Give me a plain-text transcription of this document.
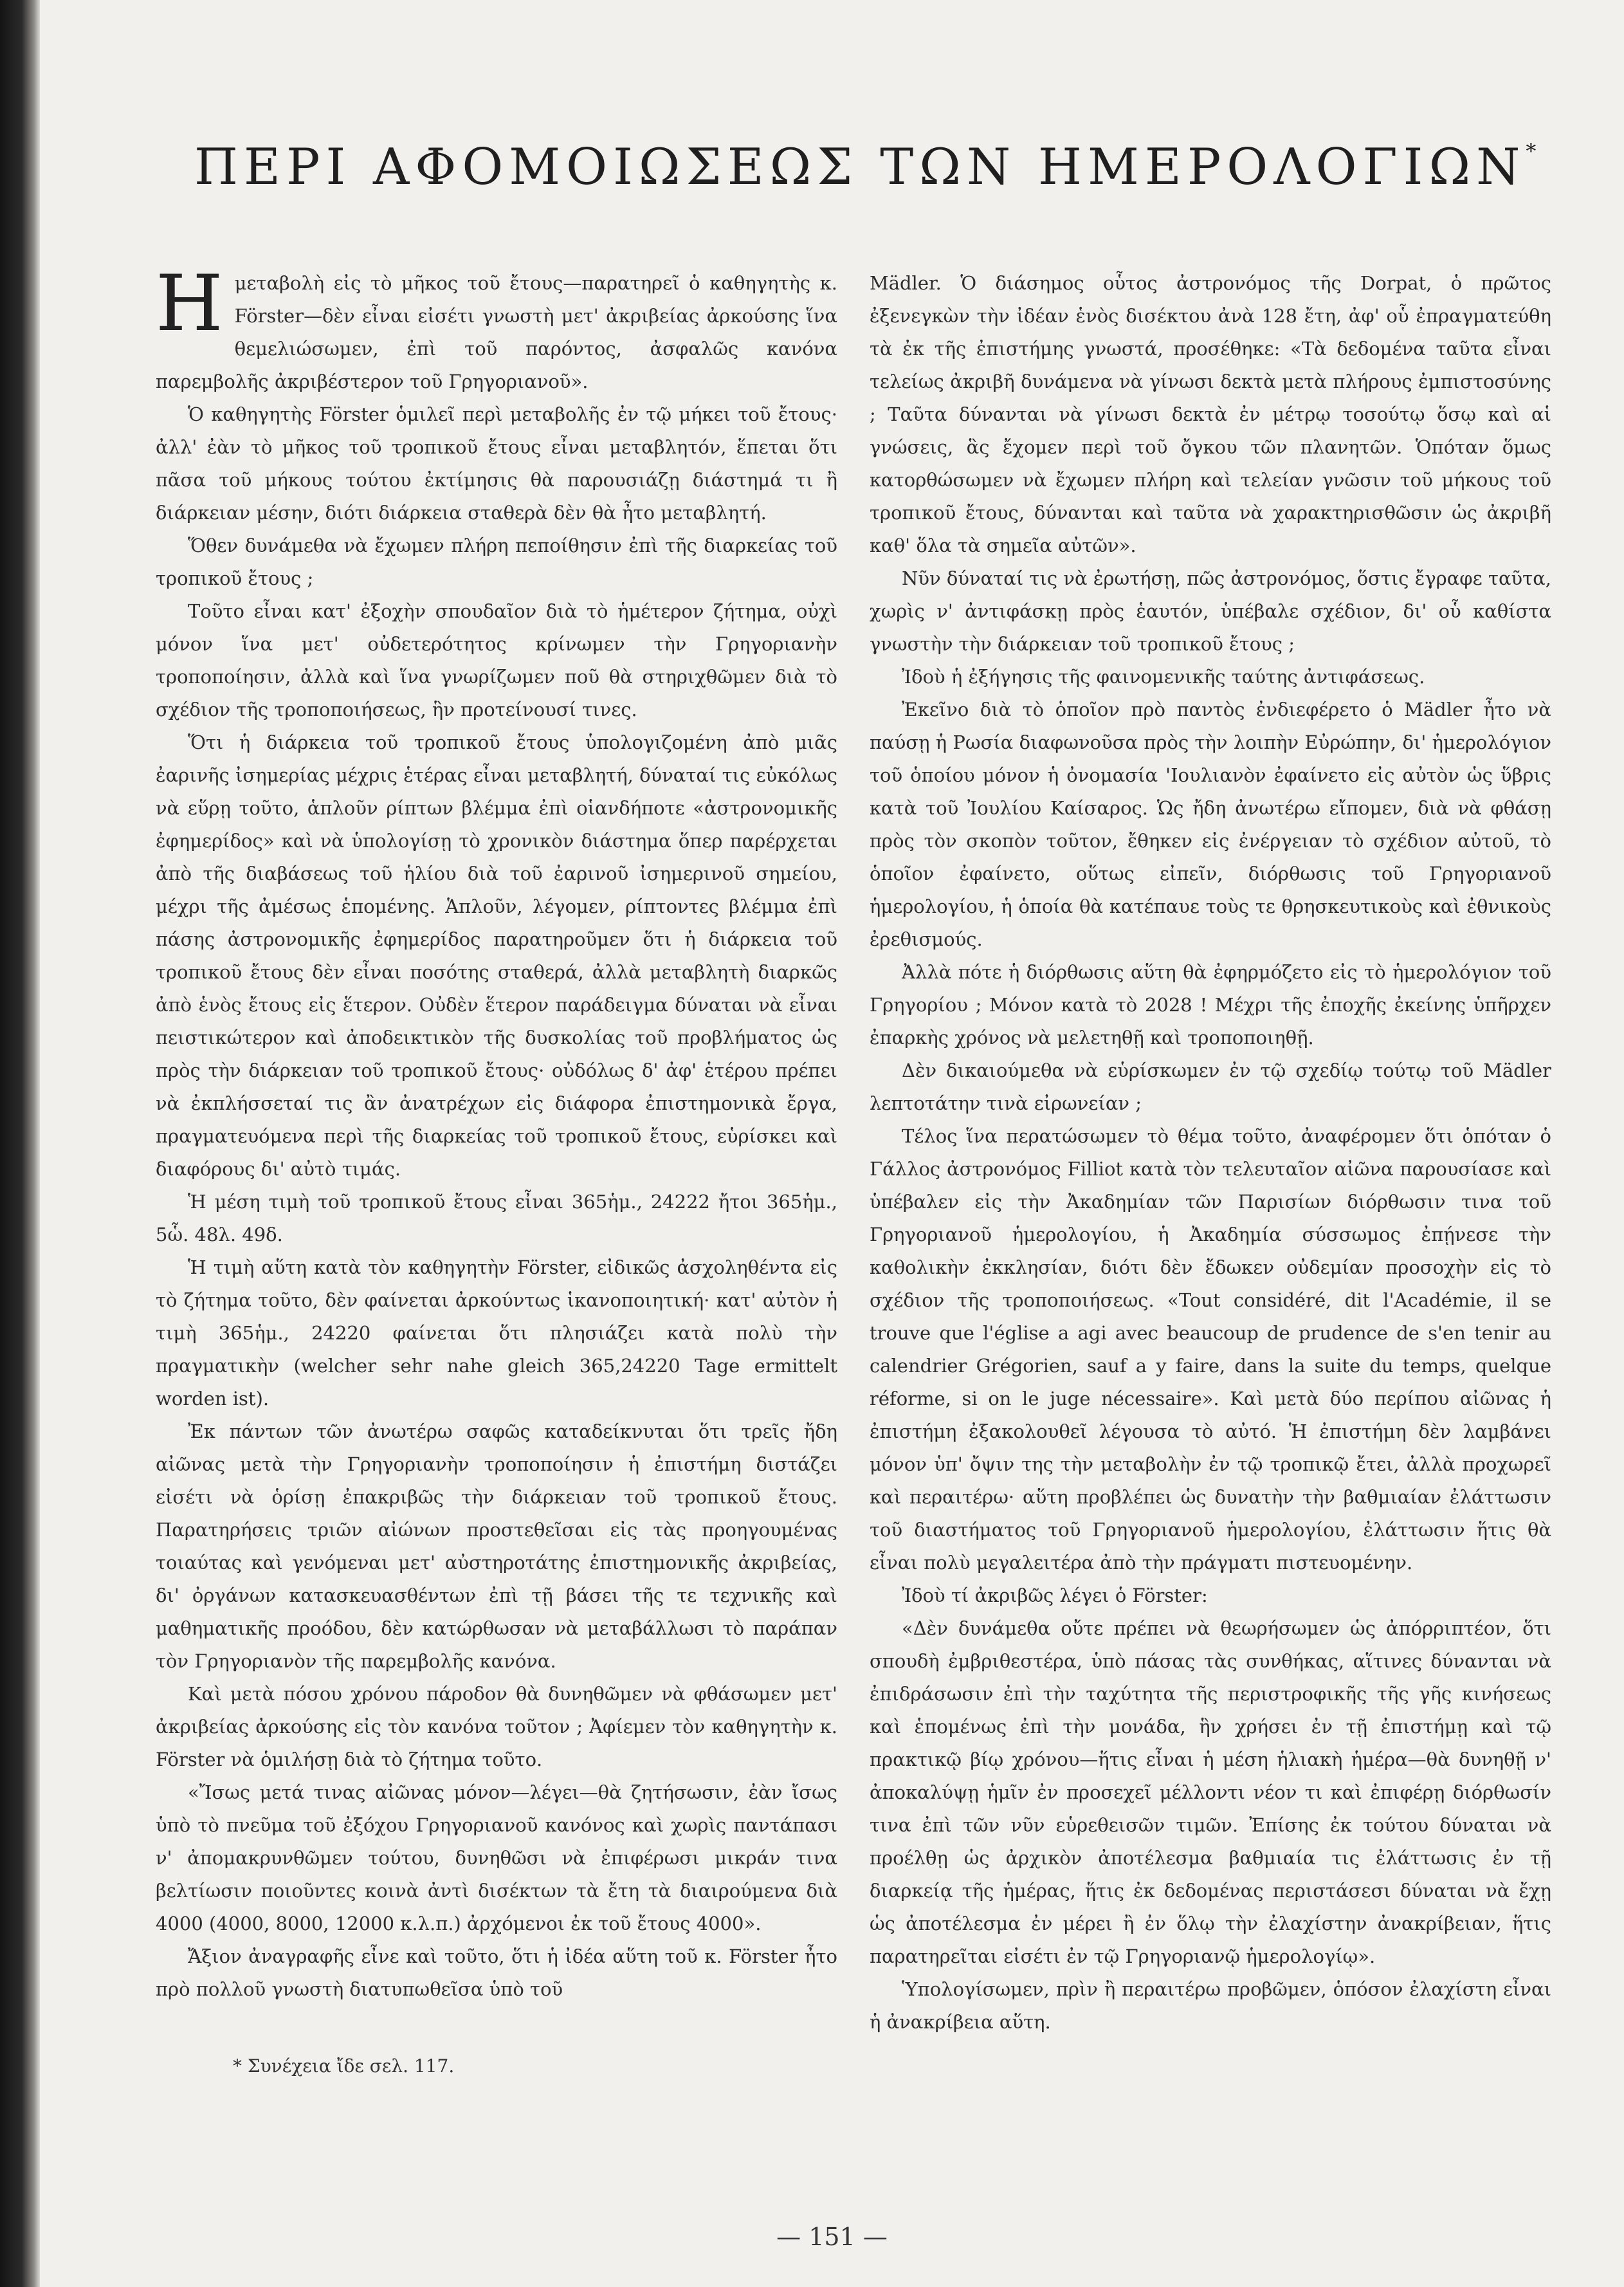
ΠΕΡΙ ΑΦΟΜΟΙΩΣΕΩΣ ΤΩΝ ΗΜΕΡΟΛΟΓΙΩΝ*

Ημεταβολὴ εἰς τὸ μῆκος τοῦ ἔτους—παρατηρεῖ ὁ καθηγητὴς κ. Förster—δὲν εἶναι εἰσέτι γνωστὴ μετ' ἀκριβείας ἀρκούσης ἵνα θεμελιώσωμεν, ἐπὶ τοῦ παρόντος, ἀσφαλῶς κανόνα παρεμβολῆς ἀκριβέστερον τοῦ Γρηγοριανοῦ».

Ὁ καθηγητὴς Förster ὁμιλεῖ περὶ μεταβολῆς ἐν τῷ μήκει τοῦ ἔτους· ἀλλ' ἐὰν τὸ μῆκος τοῦ τροπικοῦ ἔτους εἶναι μεταβλητόν, ἕπεται ὅτι πᾶσα τοῦ μήκους τούτου ἐκτίμησις θὰ παρουσιάζῃ διάστημά τι ἢ διάρκειαν μέσην, διότι διάρκεια σταθερὰ δὲν θὰ ἦτο μεταβλητή.

Ὅθεν δυνάμεθα νὰ ἔχωμεν πλήρη πεποίθησιν ἐπὶ τῆς διαρκείας τοῦ τροπικοῦ ἔτους ;

Τοῦτο εἶναι κατ' ἐξοχὴν σπουδαῖον διὰ τὸ ἡμέτερον ζήτημα, οὐχὶ μόνον ἵνα μετ' οὐδετερότητος κρίνωμεν τὴν Γρηγοριανὴν τροποποίησιν, ἀλλὰ καὶ ἵνα γνωρίζωμεν ποῦ θὰ στηριχθῶμεν διὰ τὸ σχέδιον τῆς τροποποιήσεως, ἣν προτείνουσί τινες.

Ὅτι ἡ διάρκεια τοῦ τροπικοῦ ἔτους ὑπολογιζομένη ἀπὸ μιᾶς ἐαρινῆς ἰσημερίας μέχρις ἑτέρας εἶναι μεταβλητή, δύναταί τις εὐκόλως νὰ εὕρῃ τοῦτο, ἁπλοῦν ρίπτων βλέμμα ἐπὶ οἱανδήποτε «ἀστρονομικῆς ἐφημερίδος» καὶ νὰ ὑπολογίσῃ τὸ χρονικὸν διάστημα ὅπερ παρέρχεται ἀπὸ τῆς διαβάσεως τοῦ ἡλίου διὰ τοῦ ἐαρινοῦ ἰσημερινοῦ σημείου, μέχρι τῆς ἀμέσως ἑπομένης. Ἁπλοῦν, λέγομεν, ρίπτοντες βλέμμα ἐπὶ πάσης ἀστρονομικῆς ἐφημερίδος παρατηροῦμεν ὅτι ἡ διάρκεια τοῦ τροπικοῦ ἔτους δὲν εἶναι ποσότης σταθερά, ἀλλὰ μεταβλητὴ διαρκῶς ἀπὸ ἑνὸς ἔτους εἰς ἕτερον. Οὐδὲν ἕτερον παράδειγμα δύναται νὰ εἶναι πειστικώτερον καὶ ἀποδεικτικὸν τῆς δυσκολίας τοῦ προβλήματος ὡς πρὸς τὴν διάρκειαν τοῦ τροπικοῦ ἔτους· οὐδόλως δ' ἀφ' ἑτέρου πρέπει νὰ ἐκπλήσσεταί τις ἂν ἀνατρέχων εἰς διάφορα ἐπιστημονικὰ ἔργα, πραγματευόμενα περὶ τῆς διαρκείας τοῦ τροπικοῦ ἔτους, εὑρίσκει καὶ διαφόρους δι' αὐτὸ τιμάς.

Ἡ μέση τιμὴ τοῦ τροπικοῦ ἔτους εἶναι 365ἡμ., 24222 ἤτοι 365ἡμ., 5ὧ. 48λ. 49δ.

Ἡ τιμὴ αὕτη κατὰ τὸν καθηγητὴν Förster, εἰδικῶς ἀσχοληθέντα εἰς τὸ ζήτημα τοῦτο, δὲν φαίνεται ἀρκούντως ἱκανοποιητική· κατ' αὐτὸν ἡ τιμὴ 365ἡμ., 24220 φαίνεται ὅτι πλησιάζει κατὰ πολὺ τὴν πραγματικὴν (welcher sehr nahe gleich 365,24220 Tage ermittelt worden ist).

Ἐκ πάντων τῶν ἀνωτέρω σαφῶς καταδείκνυται ὅτι τρεῖς ἤδη αἰῶνας μετὰ τὴν Γρηγοριανὴν τροποποίησιν ἡ ἐπιστήμη διστάζει εἰσέτι νὰ ὁρίσῃ ἐπακριβῶς τὴν διάρκειαν τοῦ τροπικοῦ ἔτους. Παρατηρήσεις τριῶν αἰώνων προστεθεῖσαι εἰς τὰς προηγουμένας τοιαύτας καὶ γενόμεναι μετ' αὐστηροτάτης ἐπιστημονικῆς ἀκριβείας, δι' ὀργάνων κατασκευασθέντων ἐπὶ τῇ βάσει τῆς τε τεχνικῆς καὶ μαθηματικῆς προόδου, δὲν κατώρθωσαν νὰ μεταβάλλωσι τὸ παράπαν τὸν Γρηγοριανὸν τῆς παρεμβολῆς κανόνα.

Καὶ μετὰ πόσου χρόνου πάροδον θὰ δυνηθῶμεν νὰ φθάσωμεν μετ' ἀκριβείας ἀρκούσης εἰς τὸν κανόνα τοῦτον ; Ἀφίεμεν τὸν καθηγητὴν κ. Förster νὰ ὁμιλήσῃ διὰ τὸ ζήτημα τοῦτο.

«Ἴσως μετά τινας αἰῶνας μόνον—λέγει—θὰ ζητήσωσιν, ἐὰν ἴσως ὑπὸ τὸ πνεῦμα τοῦ ἐξόχου Γρηγοριανοῦ κανόνος καὶ χωρὶς παντάπασι ν' ἀπομακρυνθῶμεν τούτου, δυνηθῶσι νὰ ἐπιφέρωσι μικράν τινα βελτίωσιν ποιοῦντες κοινὰ ἀντὶ δισέκτων τὰ ἔτη τὰ διαιρούμενα διὰ 4000 (4000, 8000, 12000 κ.λ.π.) ἀρχόμενοι ἐκ τοῦ ἔτους 4000».

Ἄξιον ἀναγραφῆς εἶνε καὶ τοῦτο, ὅτι ἡ ἰδέα αὕτη τοῦ κ. Förster ἦτο πρὸ πολλοῦ γνωστὴ διατυπωθεῖσα ὑπὸ τοῦ

Mädler. Ὁ διάσημος οὗτος ἀστρονόμος τῆς Dorpat, ὁ πρῶτος ἐξενεγκὼν τὴν ἰδέαν ἑνὸς δισέκτου ἀνὰ 128 ἔτη, ἀφ' οὗ ἐπραγματεύθη τὰ ἐκ τῆς ἐπιστήμης γνωστά, προσέθηκε: «Τὰ δεδομένα ταῦτα εἶναι τελείως ἀκριβῆ δυνάμενα νὰ γίνωσι δεκτὰ μετὰ πλήρους ἐμπιστοσύνης ; Ταῦτα δύνανται νὰ γίνωσι δεκτὰ ἐν μέτρῳ τοσούτῳ ὅσῳ καὶ αἱ γνώσεις, ἃς ἔχομεν περὶ τοῦ ὄγκου τῶν πλανητῶν. Ὁπόταν ὅμως κατορθώσωμεν νὰ ἔχωμεν πλήρη καὶ τελείαν γνῶσιν τοῦ μήκους τοῦ τροπικοῦ ἔτους, δύνανται καὶ ταῦτα νὰ χαρακτηρισθῶσιν ὡς ἀκριβῆ καθ' ὅλα τὰ σημεῖα αὐτῶν».

Νῦν δύναταί τις νὰ ἐρωτήσῃ, πῶς ἀστρονόμος, ὅστις ἔγραφε ταῦτα, χωρὶς ν' ἀντιφάσκῃ πρὸς ἑαυτόν, ὑπέβαλε σχέδιον, δι' οὗ καθίστα γνωστὴν τὴν διάρκειαν τοῦ τροπικοῦ ἔτους ;

Ἰδοὺ ἡ ἐξήγησις τῆς φαινομενικῆς ταύτης ἀντιφάσεως.

Ἐκεῖνο διὰ τὸ ὁποῖον πρὸ παντὸς ἐνδιεφέρετο ὁ Mädler ἦτο νὰ παύσῃ ἡ Ρωσία διαφωνοῦσα πρὸς τὴν λοιπὴν Εὐρώπην, δι' ἡμερολόγιον τοῦ ὁποίου μόνον ἡ ὀνομασία 'Ιουλιανὸν ἐφαίνετο εἰς αὐτὸν ὡς ὕβρις κατὰ τοῦ Ἰουλίου Καίσαρος. Ὡς ἤδη ἀνωτέρω εἴπομεν, διὰ νὰ φθάσῃ πρὸς τὸν σκοπὸν τοῦτον, ἔθηκεν εἰς ἐνέργειαν τὸ σχέδιον αὐτοῦ, τὸ ὁποῖον ἐφαίνετο, οὕτως εἰπεῖν, διόρθωσις τοῦ Γρηγοριανοῦ ἡμερολογίου, ἡ ὁποία θὰ κατέπαυε τοὺς τε θρησκευτικοὺς καὶ ἐθνικοὺς ἐρεθισμούς.

Ἀλλὰ πότε ἡ διόρθωσις αὕτη θὰ ἐφηρμόζετο εἰς τὸ ἡμερολόγιον τοῦ Γρηγορίου ; Μόνον κατὰ τὸ 2028 ! Μέχρι τῆς ἐποχῆς ἐκείνης ὑπῆρχεν ἐπαρκὴς χρόνος νὰ μελετηθῇ καὶ τροποποιηθῇ.

Δὲν δικαιούμεθα νὰ εὑρίσκωμεν ἐν τῷ σχεδίῳ τούτῳ τοῦ Mädler λεπτοτάτην τινὰ εἰρωνείαν ;

Τέλος ἵνα περατώσωμεν τὸ θέμα τοῦτο, ἀναφέρομεν ὅτι ὁπόταν ὁ Γάλλος ἀστρονόμος Filliot κατὰ τὸν τελευταῖον αἰῶνα παρουσίασε καὶ ὑπέβαλεν εἰς τὴν Ἀκαδημίαν τῶν Παρισίων διόρθωσιν τινα τοῦ Γρηγοριανοῦ ἡμερολογίου, ἡ Ἀκαδημία σύσσωμος ἐπῄνεσε τὴν καθολικὴν ἐκκλησίαν, διότι δὲν ἔδωκεν οὐδεμίαν προσοχὴν εἰς τὸ σχέδιον τῆς τροποποιήσεως. «Tout considéré, dit l'Académie, il se trouve que l'église a agi avec beaucoup de prudence de s'en tenir au calendrier Grégorien, sauf a y faire, dans la suite du temps, quelque réforme, si on le juge nécessaire». Καὶ μετὰ δύο περίπου αἰῶνας ἡ ἐπιστήμη ἐξακολουθεῖ λέγουσα τὸ αὐτό. Ἡ ἐπιστήμη δὲν λαμβάνει μόνον ὑπ' ὄψιν της τὴν μεταβολὴν ἐν τῷ τροπικῷ ἔτει, ἀλλὰ προχωρεῖ καὶ περαιτέρω· αὕτη προβλέπει ὡς δυνατὴν τὴν βαθμιαίαν ἐλάττωσιν τοῦ διαστήματος τοῦ Γρηγοριανοῦ ἡμερολογίου, ἐλάττωσιν ἥτις θὰ εἶναι πολὺ μεγαλειτέρα ἀπὸ τὴν πράγματι πιστευομένην.

Ἰδοὺ τί ἀκριβῶς λέγει ὁ Förster:

«Δὲν δυνάμεθα οὔτε πρέπει νὰ θεωρήσωμεν ὡς ἀπόρριπτέον, ὅτι σπουδὴ ἐμβριθεστέρα, ὑπὸ πάσας τὰς συνθήκας, αἵτινες δύνανται νὰ ἐπιδράσωσιν ἐπὶ τὴν ταχύτητα τῆς περιστροφικῆς τῆς γῆς κινήσεως καὶ ἑπομένως ἐπὶ τὴν μονάδα, ἣν χρήσει ἐν τῇ ἐπιστήμῃ καὶ τῷ πρακτικῷ βίῳ χρόνου—ἥτις εἶναι ἡ μέση ἡλιακὴ ἡμέρα—θὰ δυνηθῇ ν' ἀποκαλύψῃ ἡμῖν ἐν προσεχεῖ μέλλοντι νέον τι καὶ ἐπιφέρῃ διόρθωσίν τινα ἐπὶ τῶν νῦν εὑρεθεισῶν τιμῶν. Ἐπίσης ἐκ τούτου δύναται νὰ προέλθῃ ὡς ἀρχικὸν ἀποτέλεσμα βαθμιαία τις ἐλάττωσις ἐν τῇ διαρκείᾳ τῆς ἡμέρας, ἥτις ἐκ δεδομένας περιστάσεσι δύναται νὰ ἔχῃ ὡς ἀποτέλεσμα ἐν μέρει ἢ ἐν ὅλῳ τὴν ἐλαχίστην ἀνακρίβειαν, ἥτις παρατηρεῖται εἰσέτι ἐν τῷ Γρηγοριανῷ ἡμερολογίῳ».

Ὑπολογίσωμεν, πρὶν ἢ περαιτέρω προβῶμεν, ὁπόσον ἐλαχίστη εἶναι ἡ ἀνακρίβεια αὕτη.

* Συνέχεια ἴδε σελ. 117.
— 151 —
